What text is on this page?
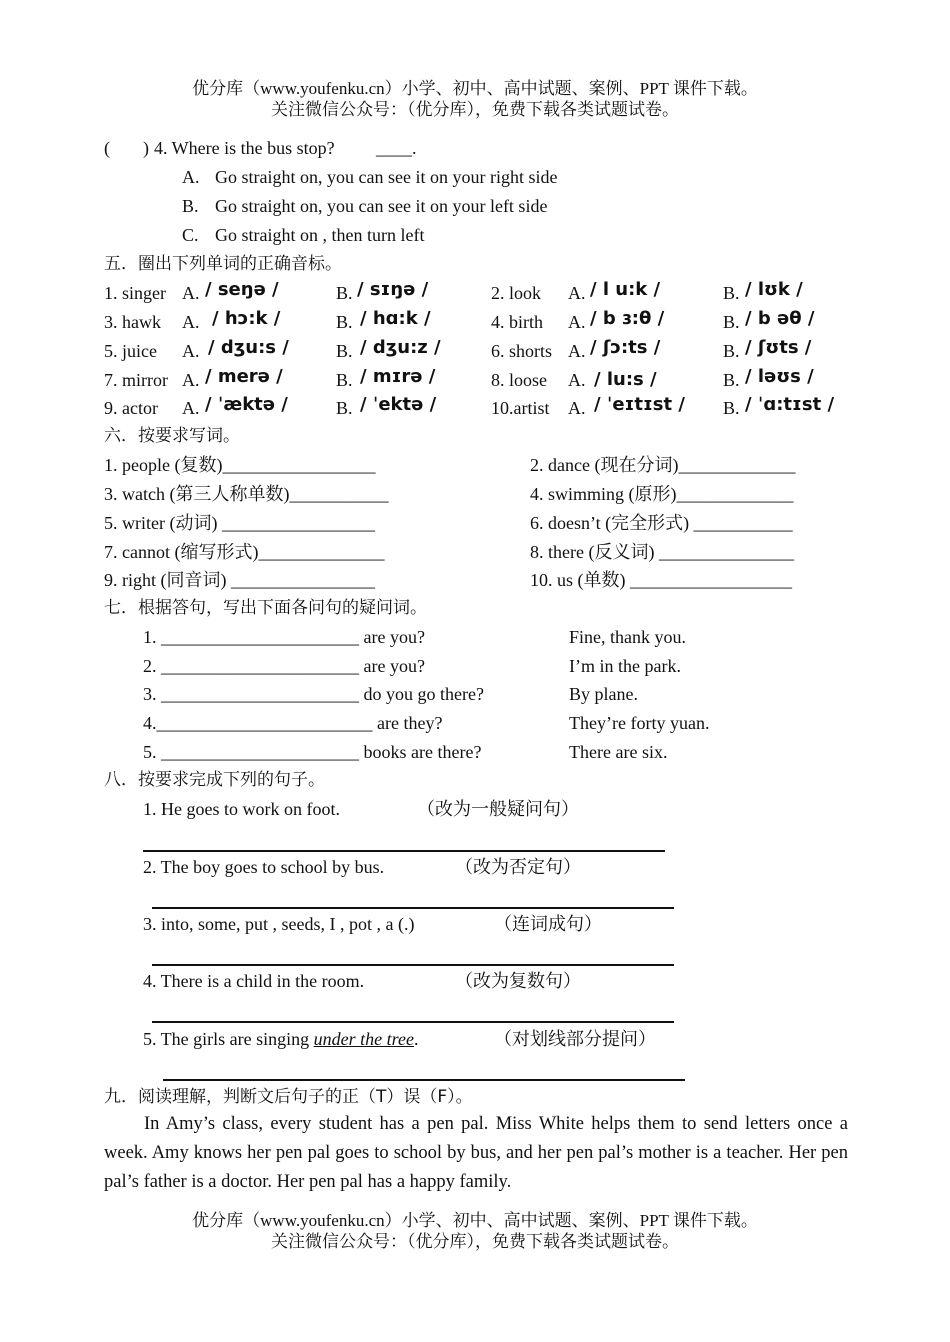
优分库（www.youfenku.cn）小学、初中、高中试题、案例、PPT 课件下载。
关注微信公众号：（优分库），免费下载各类试题试卷。
( ) 4. Where is the bus stop? ____.
A. Go straight on, you can see it on your right side
B. Go straight on, you can see it on your left side
C. Go straight on , then turn left
五．圈出下列单词的正确音标。
1. singer A. / seŋə /	B. / sɪŋə /	2. look A. / l u:k /	B. / lʊk /
3. hawk A. / hɔ:k /	B. / hɑ:k /	4. birth A. / b ɜ:θ /	B. / b əθ /
5. juice A. / dʒu:s /	B. / dʒu:z /	6. shorts A. / ʃɔ:ts /	B. / ʃʊts /
7. mirror A. / merə /	B. / mɪrə /	8. loose A. / lu:s /	B. / ləʊs /
9. actor A. / ˈæktə /	B. / ˈektə /	10.artist A. / ˈeɪtɪst / B. / ˈɑ:tɪst /
六．按要求写词。
1. people (复数)_________________	2. dance (现在分词)_____________
3. watch (第三人称单数)___________	4. swimming (原形)_____________
5. writer (动词) _________________	6. doesn’t (完全形式) ___________
7. cannot (缩写形式)______________	8. there (反义词) _______________
9. right (同音词) ________________	10. us (单数) __________________
七．根据答句，写出下面各问句的疑问词。
1. ______________________ are you?	Fine, thank you.
2. ______________________ are you?	I’m in the park.
3. ______________________ do you go there?	By plane.
4.________________________ are they?	They’re forty yuan.
5. ______________________ books are there?	There are six.
八．按要求完成下列的句子。
1. He goes to work on foot.	（改为一般疑问句）
2. The boy goes to school by bus.	（改为否定句）
3. into, some, put , seeds, I , pot , a (.)	（连词成句）
4. There is a child in the room.	（改为复数句）
5. The girls are singing under the tree.	（对划线部分提问）
九．阅读理解，判断文后句子的正（T）误（F）。
In Amy’s class, every student has a pen pal. Miss White helps them to send letters once a week. Amy knows her pen pal goes to school by bus, and her pen pal’s mother is a teacher. Her pen pal’s father is a doctor. Her pen pal has a happy family.
优分库（www.youfenku.cn）小学、初中、高中试题、案例、PPT 课件下载。
关注微信公众号：（优分库），免费下载各类试题试卷。
